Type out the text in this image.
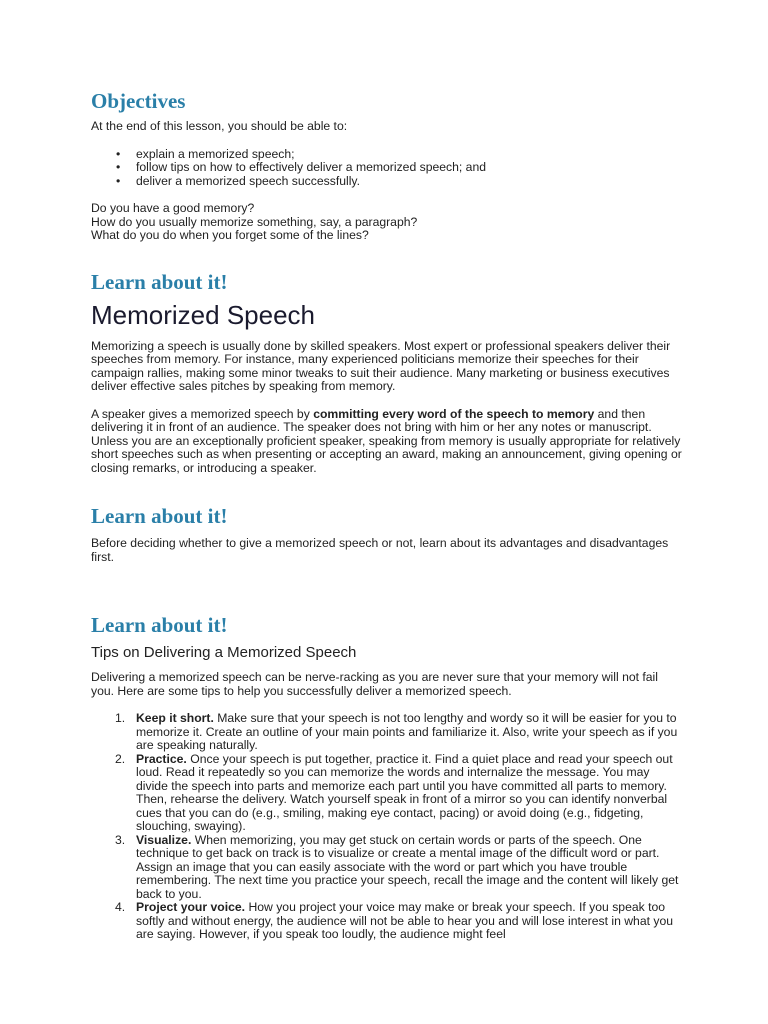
Objectives

At the end of this lesson, you should be able to:

• explain a memorized speech;
• follow tips on how to effectively deliver a memorized speech; and
• deliver a memorized speech successfully.

Do you have a good memory?

How do you usually memorize something, say, a paragraph?

What do you do when you forget some of the lines?

Learn about it!
Memorized Speech

Memorizing a speech is usually done by skilled speakers. Most expert or professional speakers deliver their speeches from memory. For instance, many experienced politicians memorize their speeches for their campaign rallies, making some minor tweaks to suit their audience. Many marketing or business executives deliver effective sales pitches by speaking from memory.

A speaker gives a memorized speech by committing every word of the speech to memory and then delivering it in front of an audience. The speaker does not bring with him or her any notes or manuscript. Unless you are an exceptionally proficient speaker, speaking from memory is usually appropriate for relatively short speeches such as when presenting or accepting an award, making an announcement, giving opening or closing remarks, or introducing a speaker.

Learn about it!

Before deciding whether to give a memorized speech or not, learn about its advantages and disadvantages first.

Learn about it!

Tips on Delivering a Memorized Speech

Delivering a memorized speech can be nerve-racking as you are never sure that your memory will not fail you. Here are some tips to help you successfully deliver a memorized speech.

1. Keep it short. Make sure that your speech is not too lengthy and wordy so it will be easier for you to memorize it. Create an outline of your main points and familiarize it. Also, write your speech as if you are speaking naturally.
2. Practice. Once your speech is put together, practice it. Find a quiet place and read your speech out loud. Read it repeatedly so you can memorize the words and internalize the message. You may divide the speech into parts and memorize each part until you have committed all parts to memory. Then, rehearse the delivery. Watch yourself speak in front of a mirror so you can identify nonverbal cues that you can do (e.g., smiling, making eye contact, pacing) or avoid doing (e.g., fidgeting, slouching, swaying).
3. Visualize. When memorizing, you may get stuck on certain words or parts of the speech. One technique to get back on track is to visualize or create a mental image of the difficult word or part. Assign an image that you can easily associate with the word or part which you have trouble remembering. The next time you practice your speech, recall the image and the content will likely get back to you.
4. Project your voice. How you project your voice may make or break your speech. If you speak too softly and without energy, the audience will not be able to hear you and will lose interest in what you are saying. However, if you speak too loudly, the audience might feel
